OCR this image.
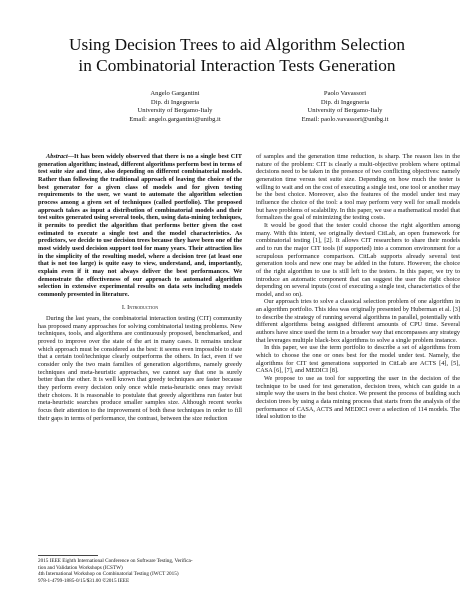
Using Decision Trees to aid Algorithm Selection
in Combinatorial Interaction Tests Generation
Angelo Gargantini
Dip. di Ingegneria
University of Bergamo-Italy
Email: angelo.gargantini@unibg.it
Paolo Vavassori
Dip. di Ingegneria
University of Bergamo-Italy
Email: paolo.vavassori@unibg.it

Abstract—It has been widely observed that there is no a single best CIT generation algorithm; instead, different algorithms perform best in terms of test suite size and time, also depending on different combinatorial models. Rather than following the traditional approach of leaving the choice of the best generator for a given class of models and for given testing requirements to the user, we want to automate the algorithm selection process among a given set of techniques (called portfolio). The proposed approach takes as input a distribution of combinatorial models and their test suites generated using several tools, then, using data-mining techniques, it permits to predict the algorithm that performs better given the cost estimated to execute a single test and the model characteristics. As predictors, we decide to use decision trees because they have been one of the most widely used decision support tool for many years. Their attraction lies in the simplicity of the resulting model, where a decision tree (at least one that is not too large) is quite easy to view, understand, and, importantly, explain even if it may not always deliver the best performances. We demonstrate the effectiveness of our approach to automated algorithm selection in extensive experimental results on data sets including models commonly presented in literature.

I. Introduction

During the last years, the combinatorial interaction testing (CIT) community has proposed many approaches for solving combinatorial testing problems. New techniques, tools, and algorithms are continuously proposed, benchmarked, and proved to improve over the state of the art in many cases. It remains unclear which approach must be considered as the best: it seems even impossible to state that a certain tool/technique clearly outperforms the others. In fact, even if we consider only the two main families of generation algorithms, namely greedy techniques and meta-heuristic approaches, we cannot say that one is surely better than the other. It is well known that greedy techniques are faster because they perform every decision only once while meta-heuristic ones may revisit their choices. It is reasonable to postulate that greedy algorithms run faster but meta-heuristic searches produce smaller samples size. Although recent works focus their attention to the improvement of both these techniques in order to fill their gaps in terms of performance, the contrast, between the size reduction

of samples and the generation time reduction, is sharp. The reason lies in the nature of the problem: CIT is clearly a multi-objective problem where optimal decisions need to be taken in the presence of two conflicting objectives: namely generation time versus test suite size. Depending on how much the tester is willing to wait and on the cost of executing a single test, one tool or another may be the best choice. Moreover, also the features of the model under test may influence the choice of the tool: a tool may perform very well for small models but have problems of scalability. In this paper, we use a mathematical model that formalizes the goal of minimizing the testing costs.

It would be good that the tester could choose the right algorithm among many. With this intent, we originally devised CitLab, an open framework for combinatorial testing [1], [2]. It allows CIT researchers to share their models and to run the major CIT tools (if supported) into a common environment for a scrupulous performance comparison. CitLab supports already several test generation tools and new one may be added in the future. However, the choice of the right algorithm to use is still left to the testers. In this paper, we try to introduce an automatic component that can suggest the user the right choice depending on several inputs (cost of executing a single test, characteristics of the model, and so on).

Our approach tries to solve a classical selection problem of one algorithm in an algorithm portfolio. This idea was originally presented by Huberman et al. [3] to describe the strategy of running several algorithms in parallel, potentially with different algorithms being assigned different amounts of CPU time. Several authors have since used the term in a broader way that encompasses any strategy that leverages multiple black-box algorithms to solve a single problem instance.

In this paper, we use the term portfolio to describe a set of algorithms from which to choose the one or ones best for the model under test. Namely, the algorithms for CIT test generations supported in CitLab are ACTS [4], [5], CASA [6], [7], and MEDICI [8].

We propose to use as tool for supporting the user in the decision of the technique to be used for test generation, decision trees, which can guide in a simple way the users in the best choice. We present the process of building such decision trees by using a data mining process that starts from the analysis of the performance of CASA, ACTS and MEDICI over a selection of 114 models. The ideal solution to the

2015 IEEE Eighth International Conference on Software Testing, Verifica-
tion and Validation Workshops (ICSTW)
4th International Workshop on Combinatorial Testing (IWCT 2015)
978-1-4799-1885-0/15/$31.00 ©2015 IEEE
